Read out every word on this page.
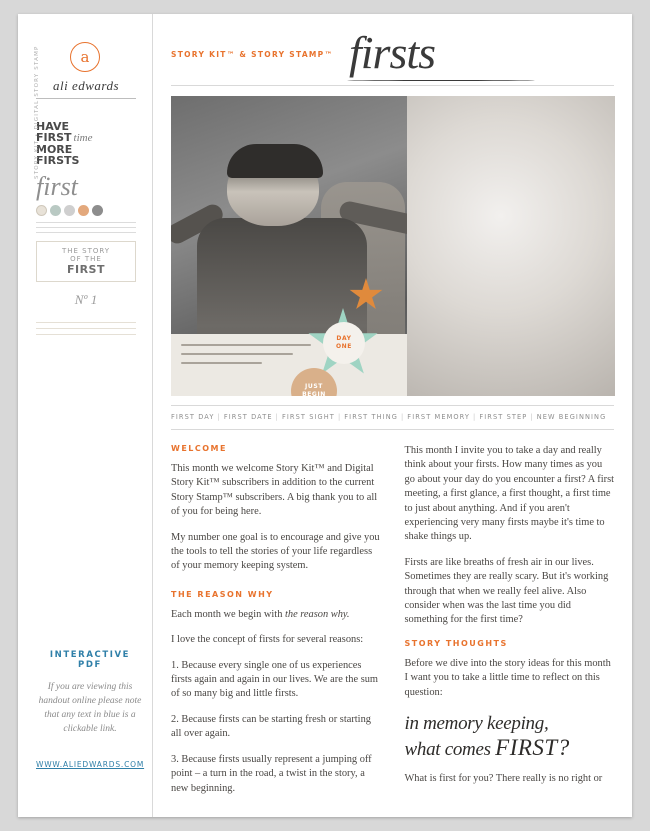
a
ali edwards
STORY KIT • DIGITAL STORY STAMP
HAVE
FIRST time
MORE
FIRSTS
first
THE STORY
OF THE
FIRST
Nº 1
INTERACTIVE PDF

If you are viewing this handout online please note that any text in blue is a clickable link.

WWW.ALIEDWARDS.COM
STORY KIT™ & STORY STAMP™ firsts
DAY
ONE
JUST
BEGIN
FIRST DAY | FIRST DATE | FIRST SIGHT | FIRST THING | FIRST MEMORY | FIRST STEP | NEW BEGINNING
WELCOME

This month we welcome Story Kit™ and Digital Story Kit™ subscribers in addition to the current Story Stamp™ subscribers. A big thank you to all of you for being here.

My number one goal is to encourage and give you the tools to tell the stories of your life regardless of your memory keeping system.

THE REASON WHY

Each month we begin with the reason why.

I love the concept of firsts for several reasons:

1. Because every single one of us experiences firsts again and again in our lives. We are the sum of so many big and little firsts.

2. Because firsts can be starting fresh or starting all over again.

3. Because firsts usually represent a jumping off point – a turn in the road, a twist in the story, a new beginning.

This month I invite you to take a day and really think about your firsts. How many times as you go about your day do you encounter a first? A first meeting, a first glance, a first thought, a first time to just about anything. And if you aren't experiencing very many firsts maybe it's time to shake things up.

Firsts are like breaths of fresh air in our lives. Sometimes they are really scary. But it's working through that when we really feel alive. Also consider when was the last time you did something for the first time?

STORY THOUGHTS

Before we dive into the story ideas for this month I want you to take a little time to reflect on this question:

in memory keeping,
what comes FIRST?

What is first for you? There really is no right or
